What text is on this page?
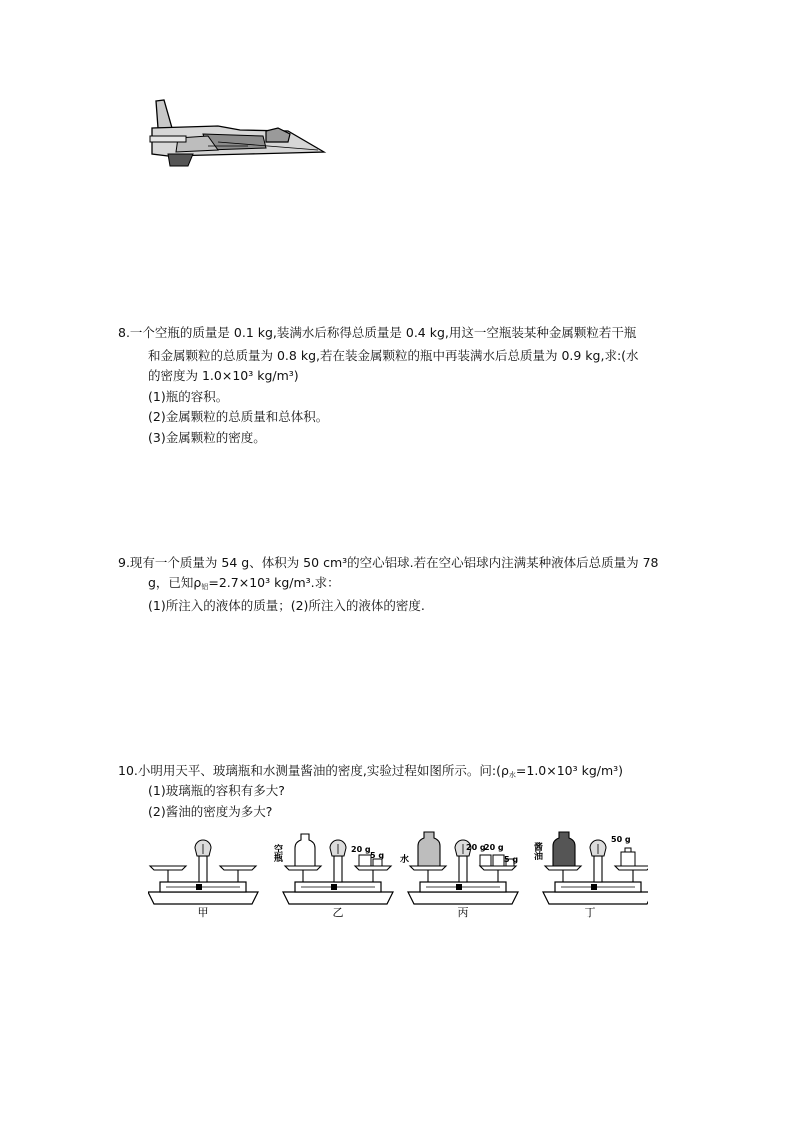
8.一个空瓶的质量是 0.1 kg,装满水后称得总质量是 0.4 kg,用这一空瓶装某种金属颗粒若干瓶
和金属颗粒的总质量为 0.8 kg,若在装金属颗粒的瓶中再装满水后总质量为 0.9 kg,求:(水
的密度为 1.0×10³ kg/m³)
(1)瓶的容积。
(2)金属颗粒的总质量和总体积。
(3)金属颗粒的密度。
9.现有一个质量为 54 g、体积为 50 cm³的空心铝球.若在空心铝球内注满某种液体后总质量为 78
g，已知$\rho_铝=2.7\times 10^3$ kg/m³.求：
(1)所注入的液体的质量；(2)所注入的液体的密度.
10.小明用天平、玻璃瓶和水测量酱油的密度,实验过程如图所示。问$:(\rho_水=1.0\times 10^3$ kg/m³)
(1)玻璃瓶的容积有多大?
(2)酱油的密度为多大?
甲
空瓶	20 g
5 g
乙
水
20 g
20 g
5 g
丙
酱油
50 g
丁
